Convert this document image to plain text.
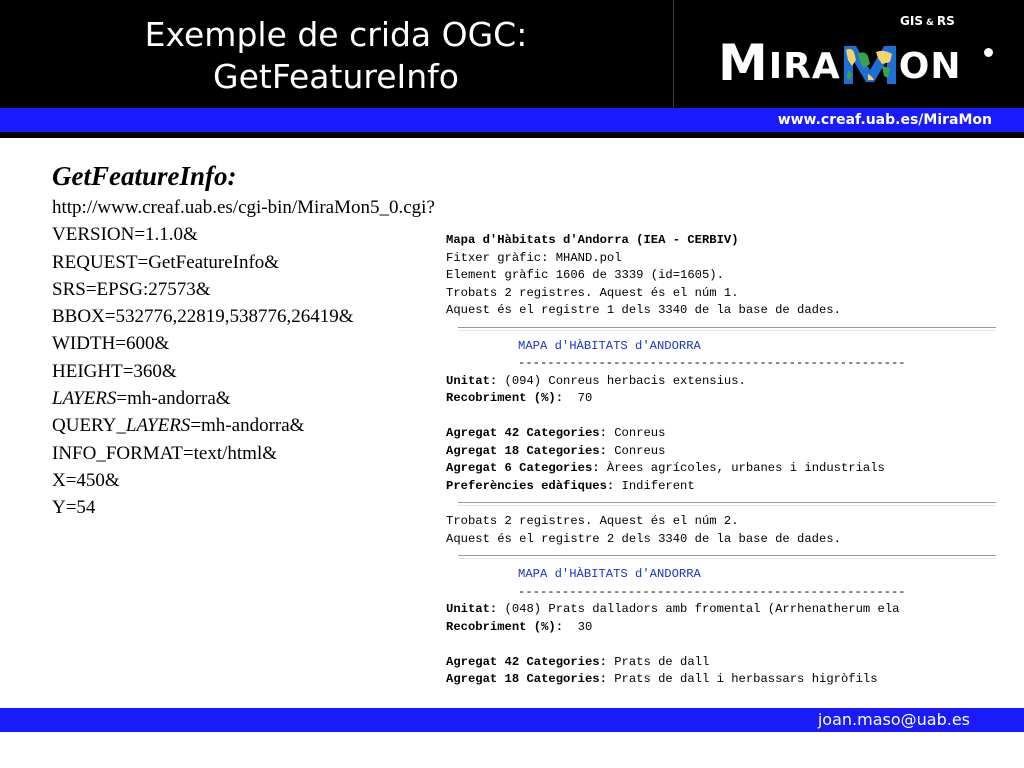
Exemple de crida OGC:
GetFeatureInfo
GIS & RS
M IRA ON
www.creaf.uab.es/MiraMon
GetFeatureInfo:
http://www.creaf.uab.es/cgi-bin/MiraMon5_0.cgi?
VERSION=1.1.0&
REQUEST=GetFeatureInfo&
SRS=EPSG:27573&
BBOX=532776,22819,538776,26419&
WIDTH=600&
HEIGHT=360&
LAYERS=mh-andorra&
QUERY_LAYERS=mh-andorra&
INFO_FORMAT=text/html&
X=450&
Y=54
Mapa d'Hàbitats d'Andorra (IEA - CERBIV)
Fitxer gràfic: MHAND.pol
Element gràfic 1606 de 3339 (id=1605).
Trobats 2 registres. Aquest és el núm 1.
Aquest és el registre 1 dels 3340 de la base de dades.
MAPA d'HÀBITATS d'ANDORRA
-----------------------------------------------------
Unitat: (094) Conreus herbacis extensius.
Recobriment (%):  70
Agregat 42 Categories: Conreus
Agregat 18 Categories: Conreus
Agregat 6 Categories: Àrees agrícoles, urbanes i industrials
Preferències edàfiques: Indiferent
Trobats 2 registres. Aquest és el núm 2.
Aquest és el registre 2 dels 3340 de la base de dades.
MAPA d'HÀBITATS d'ANDORRA
-----------------------------------------------------
Unitat: (048) Prats dalladors amb fromental (Arrhenatherum ela
Recobriment (%):  30
Agregat 42 Categories: Prats de dall
Agregat 18 Categories: Prats de dall i herbassars higròfils
joan.maso@uab.es
